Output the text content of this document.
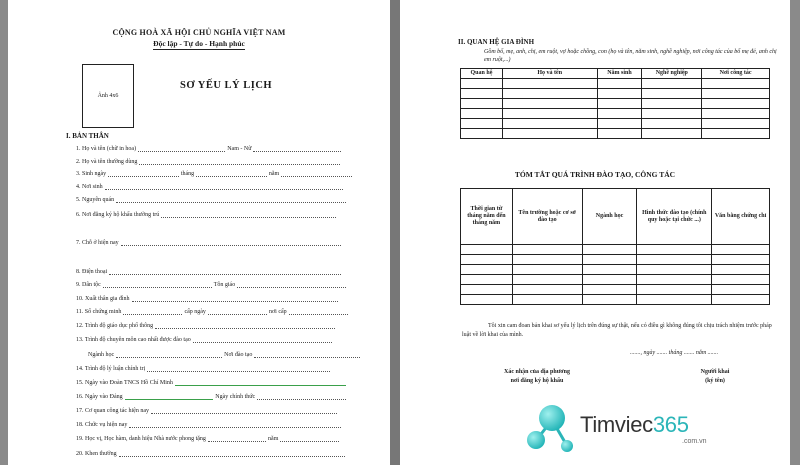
CỘNG HOÀ XÃ HỘI CHỦ NGHĨA VIỆT NAM
Độc lập - Tự do - Hạnh phúc
Ảnh 4x6
SƠ YẾU LÝ LỊCH
I. BẢN THÂN
1. Họ và tên (chữ in hoa)	Nam - Nữ
2. Họ và tên thường dùng
3. Sinh ngày	tháng	năm
4. Nơi sinh
5. Nguyên quán
6. Nơi đăng ký hộ khẩu thường trú
7. Chỗ ở hiện nay
8. Điện thoại
9. Dân tộc	Tôn giáo
10. Xuất thân gia đình
11. Số chứng minh	cấp ngày	nơi cấp
12. Trình độ giáo dục phổ thông
13. Trình độ chuyên môn cao nhất được đào tạo
Ngành học	Nơi đào tạo
14. Trình độ lý luận chính trị
15. Ngày vào Đoàn TNCS Hồ Chí Minh
16. Ngày vào Đảng	Ngày chính thức
17. Cơ quan công tác hiện nay
18. Chức vụ hiện nay
19. Học vị, Học hàm, danh hiệu Nhà nước phong tặng	năm
20. Khen thưởng
II. QUAN HỆ GIA ĐÌNH
Gồm bố, mẹ, anh, chị, em ruột, vợ hoặc chồng, con (họ và tên, năm sinh, nghề nghiệp, nơi công tác của bố mẹ đẻ, anh chị em ruột,...)
Quan hệ	Họ và tên	Năm sinh	Nghề nghiệp	Nơi công tác

TÓM TẮT QUÁ TRÌNH ĐÀO TẠO, CÔNG TÁC
Thời gian từ tháng năm đến tháng năm	Tên trường hoặc cơ sở đào tạo	Ngành học	Hình thức đào tạo (chính quy hoặc tại chức ...)	Văn bằng chứng chỉ

Tôi xin cam đoan bản khai sơ yếu lý lịch trên đúng sự thật, nếu có điều gì không đúng tôi chịu trách nhiệm trước pháp luật về lời khai của mình.
......., ngày ....... tháng ....... năm .......
Xác nhận của địa phương
nơi đăng ký hộ khẩu
Người khai
(ký tên)
Timviec365
.com.vn
